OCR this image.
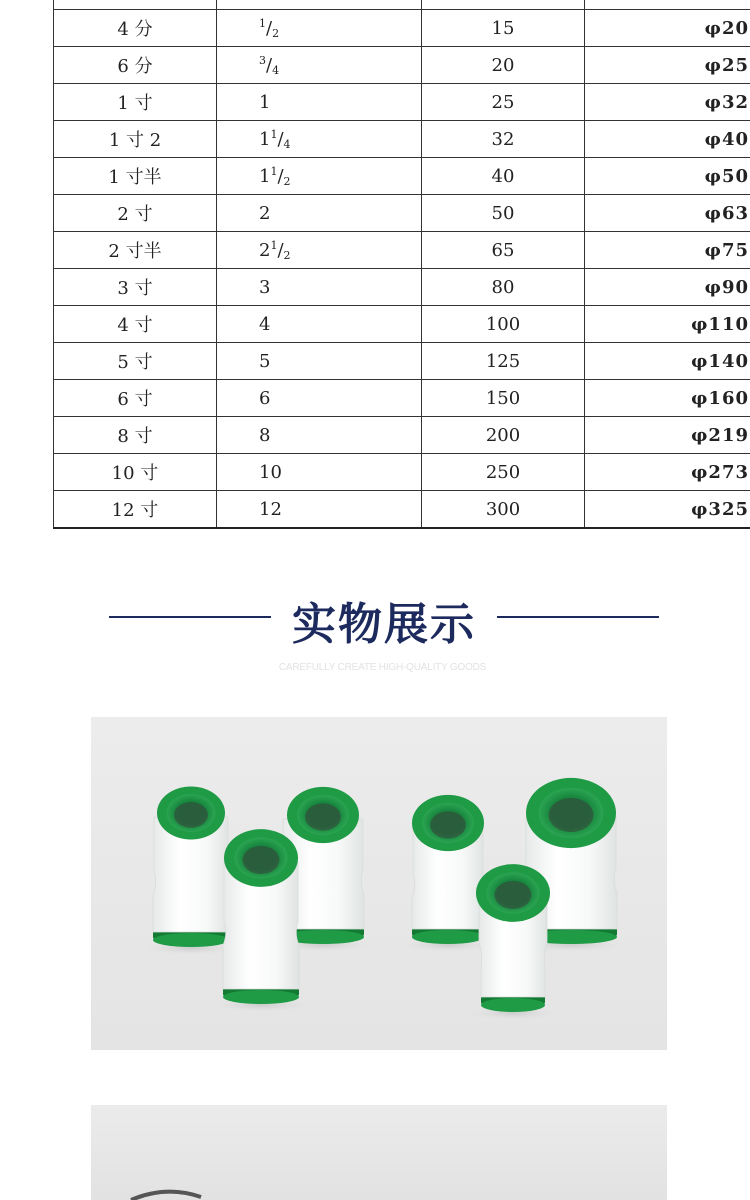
4 分	$^1/_2$	15	φ20
6 分	$^3/_4$	20	φ25
1 寸	1	25	φ32
1 寸 2	$1^1/_4$	32	φ40
1 寸半	$1^1/_2$	40	φ50
2 寸	2	50	φ63
2 寸半	$2^1/_2$	65	φ75
3 寸	3	80	φ90
4 寸	4	100	φ110
5 寸	5	125	φ140
6 寸	6	150	φ160
8 寸	8	200	φ219
10 寸	10	250	φ273
12 寸	12	300	φ325
实物展示
CAREFULLY CREATE HIGH-QUALITY GOODS
